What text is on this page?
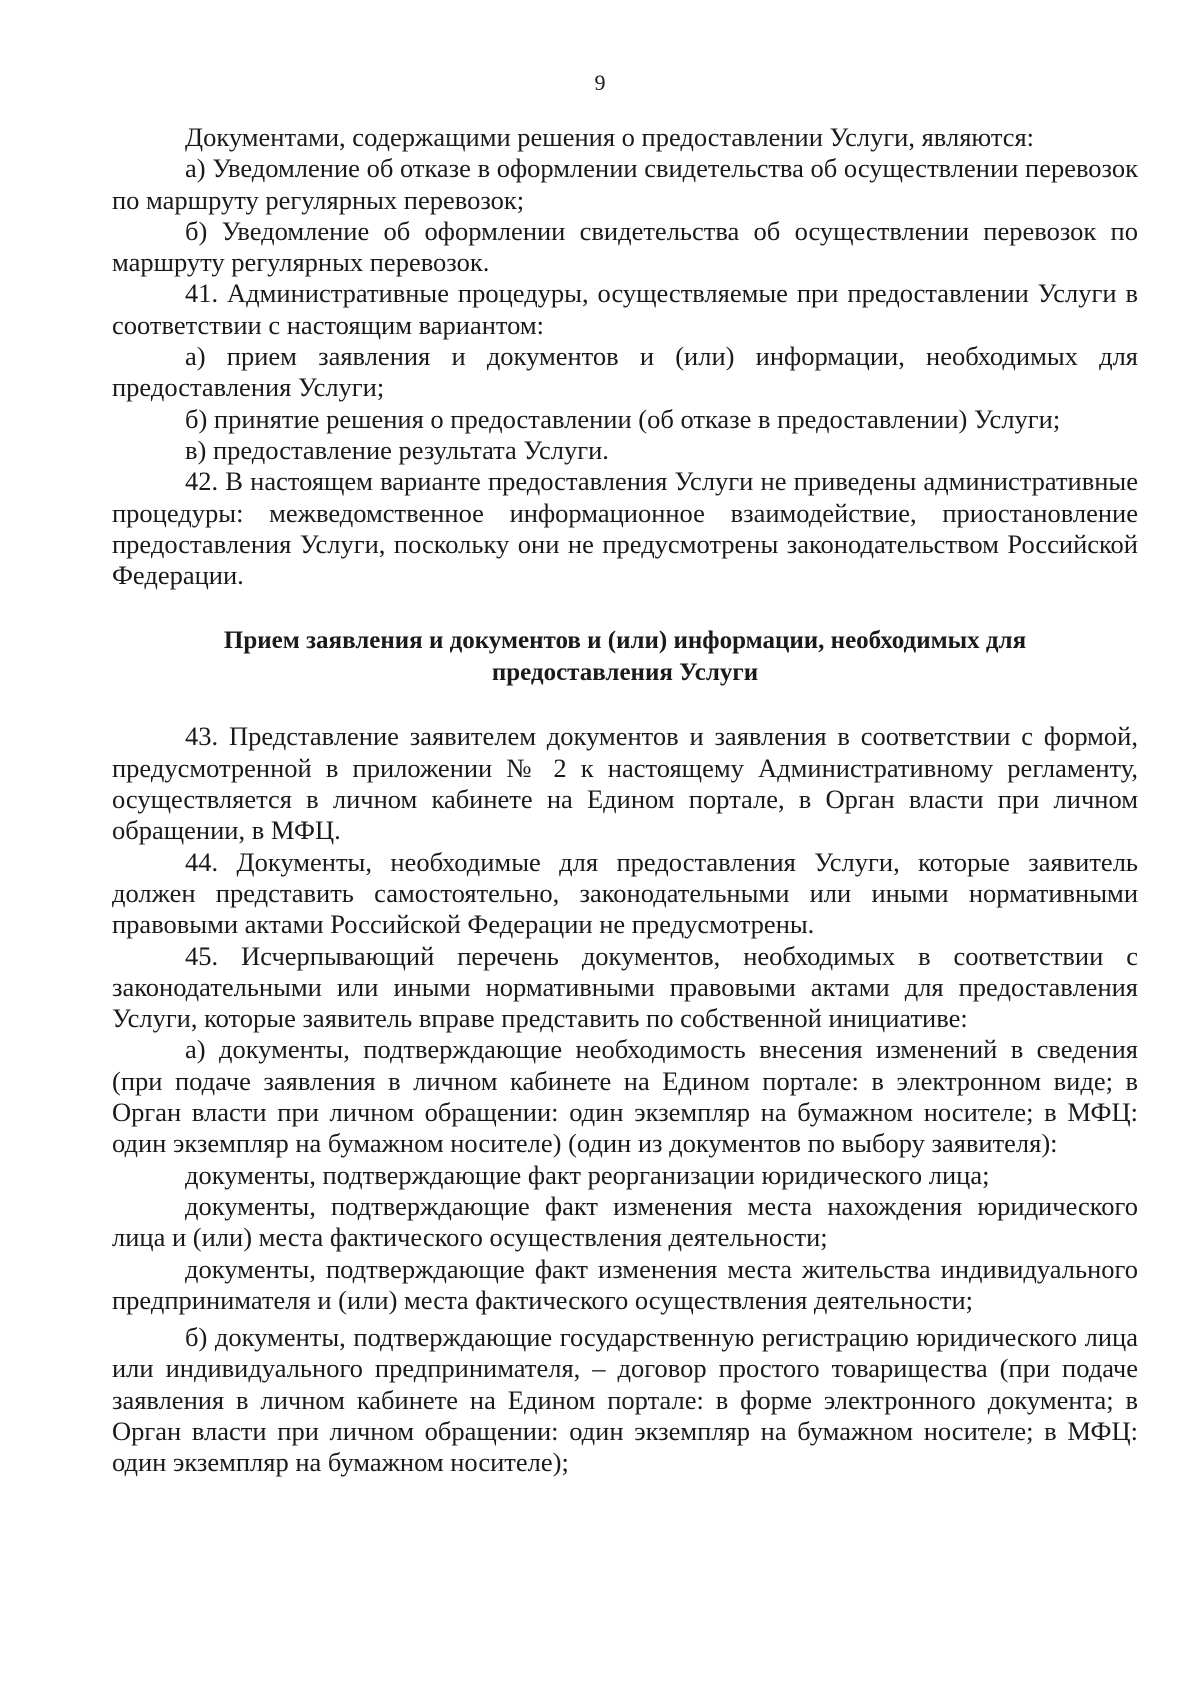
9

Документами, содержащими решения о предоставлении Услуги, являются:

а) Уведомление об отказе в оформлении свидетельства об осуществлении перевозок по маршруту регулярных перевозок;

б) Уведомление об оформлении свидетельства об осуществлении перевозок по маршруту регулярных перевозок.

41. Административные процедуры, осуществляемые при предоставлении Услуги в соответствии с настоящим вариантом:

а) прием заявления и документов и (или) информации, необходимых для предоставления Услуги;

б) принятие решения о предоставлении (об отказе в предоставлении) Услуги;

в) предоставление результата Услуги.

42. В настоящем варианте предоставления Услуги не приведены административные процедуры: межведомственное информационное взаимодействие, приостановление предоставления Услуги, поскольку они не предусмотрены законодательством Российской Федерации.

Прием заявления и документов и (или) информации, необходимых для
предоставления Услуги

43. Представление заявителем документов и заявления в соответствии с формой, предусмотренной в приложении № 2 к настоящему Административному регламенту, осуществляется в личном кабинете на Едином портале, в Орган власти при личном обращении, в МФЦ.

44. Документы, необходимые для предоставления Услуги, которые заявитель должен представить самостоятельно, законодательными или иными нормативными правовыми актами Российской Федерации не предусмотрены.

45. Исчерпывающий перечень документов, необходимых в соответствии с законодательными или иными нормативными правовыми актами для предоставления Услуги, которые заявитель вправе представить по собственной инициативе:

а) документы, подтверждающие необходимость внесения изменений в сведения (при подаче заявления в личном кабинете на Едином портале: в электронном виде; в Орган власти при личном обращении: один экземпляр на бумажном носителе; в МФЦ: один экземпляр на бумажном носителе) (один из документов по выбору заявителя):

документы, подтверждающие факт реорганизации юридического лица;

документы, подтверждающие факт изменения места нахождения юридического лица и (или) места фактического осуществления деятельности;

документы, подтверждающие факт изменения места жительства индивидуального предпринимателя и (или) места фактического осуществления деятельности;

б) документы, подтверждающие государственную регистрацию юридического лица или индивидуального предпринимателя, – договор простого товарищества (при подаче заявления в личном кабинете на Едином портале: в форме электронного документа; в Орган власти при личном обращении: один экземпляр на бумажном носителе; в МФЦ: один экземпляр на бумажном носителе);
